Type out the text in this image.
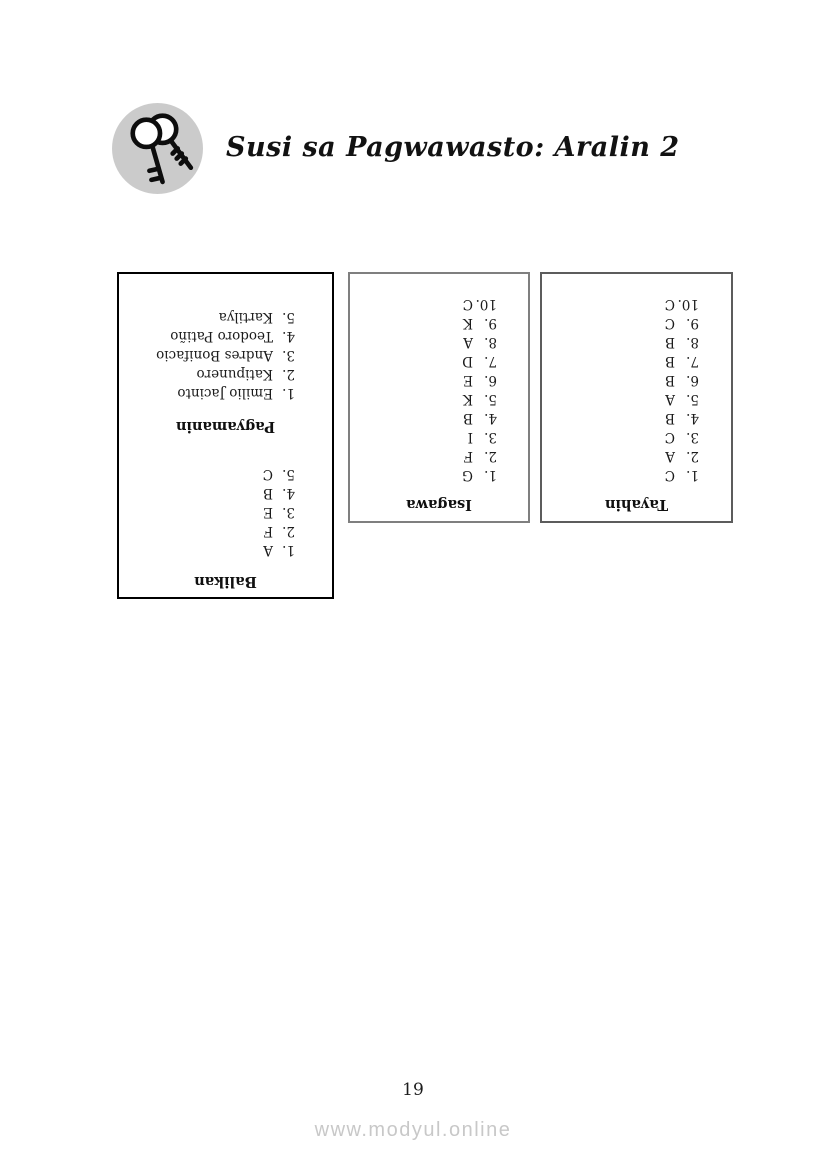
Susi sa Pagwawasto: Aralin 2
Balikan
1.A
2.F
3.E
4.B
5.C
Pagyamanin
1.Emilio Jacinto
2.Katipunero
3.Andres Bonifacio
4.Teodoro Patiño
5.Kartilya
Isagawa
1.G
2.F
3.I
4.B
5.K
6.E
7.D
8.A
9.K
10.C
Tayahin
1.C
2.A
3.C
4.B
5.A
6.B
7.B
8.B
9.C
10.C
19
www.modyul.online
